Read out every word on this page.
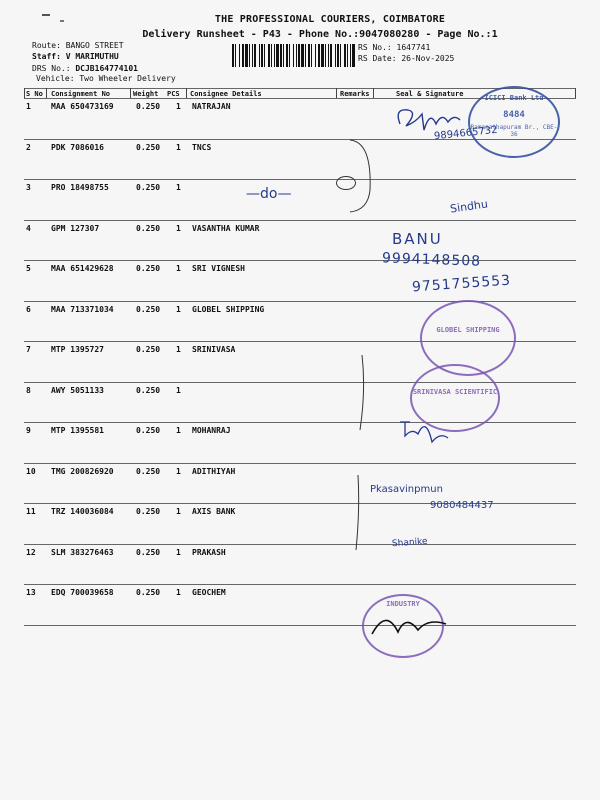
THE PROFESSIONAL COURIERS, COIMBATORE
Delivery Runsheet - P43 - Phone No.:9047080280 - Page No.:1
Route: BANGO STREET
Staff: V MARIMUTHU
DRS No.: DCJB164774101
Vehicle: Two Wheeler Delivery
RS No.: 1647741
RS Date: 26-Nov-2025
S No Consignment No	Weight PCS Consignee Details	Remarks	Seal & Signature
1	MAA 650473169	0.250 1 NATRAJAN
2	PDK 7086016	0.250 1 TNCS
3	PRO 18498755	0.250 1
4	GPM 127307	0.250 1 VASANTHA KUMAR
5	MAA 651429628	0.250 1 SRI VIGNESH
6	MAA 713371034	0.250 1 GLOBEL SHIPPING
7	MTP 1395727	0.250 1 SRINIVASA
8	AWY 5051133	0.250 1
9	MTP 1395581	0.250 1 MOHANRAJ
10 TMG 200826920	0.250 1 ADITHIYAH
11 TRZ 140036084	0.250 1 AXIS BANK
12 SLM 383276463	0.250 1 PRAKASH
13 EDQ 700039658	0.250 1 GEOCHEM
9894665732
ICICI Bank Ltd
8484
Ramanathapuram Br., CBE-36
—do—
Sindhu
BANU
9994148508
9751755553
GLOBEL SHIPPING
SRINIVASA SCIENTIFIC
Pkasavinpmun
9080484437
Shanike
INDUSTRY
